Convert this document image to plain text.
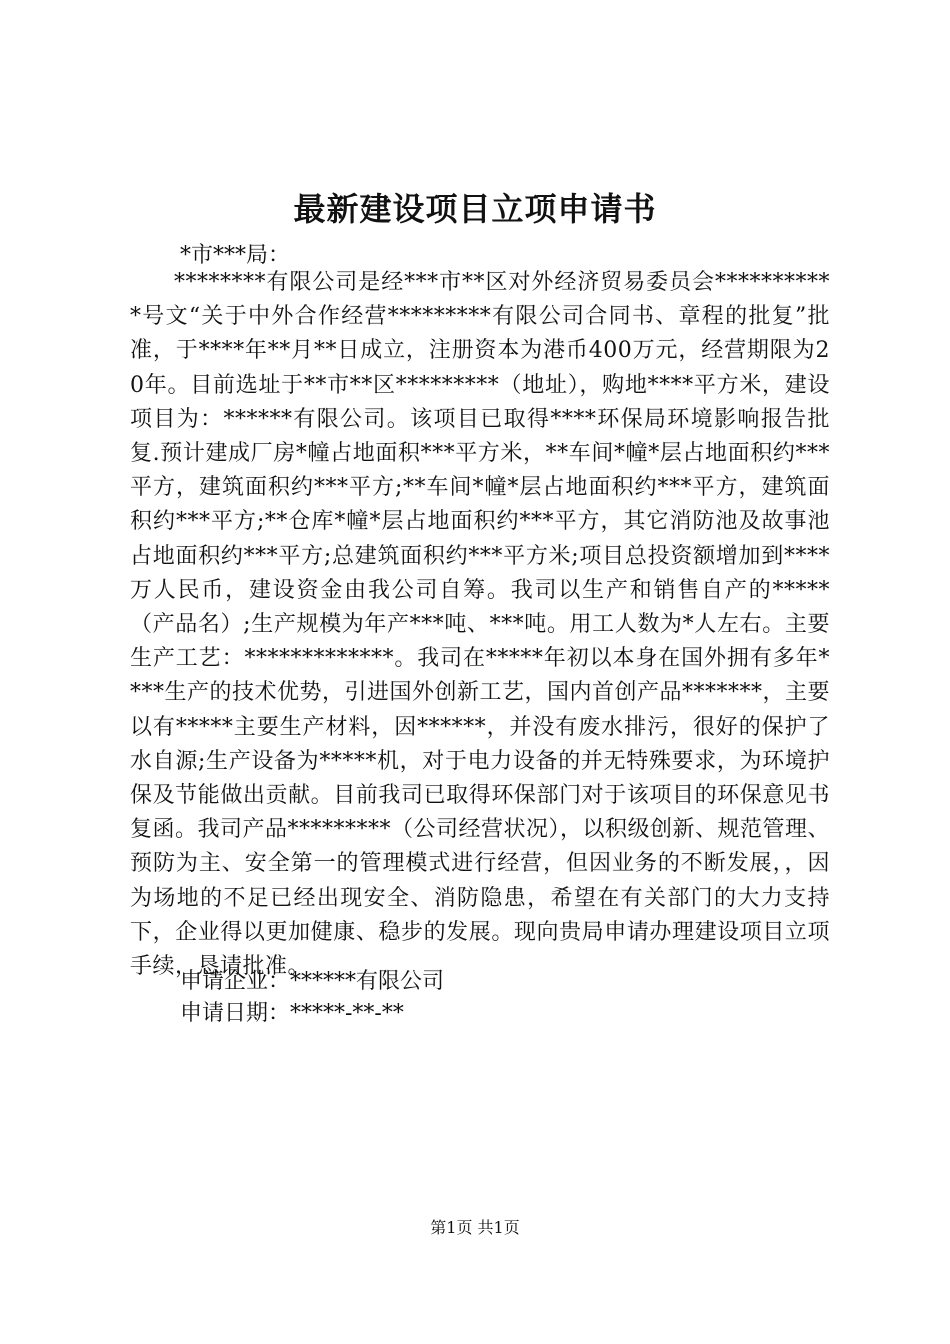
最新建设项目立项申请书
*市***局：
********有限公司是经***市**区对外经济贸易委员会***********号文“关于中外合作经营*********有限公司合同书、章程的批复”批准，于****年**月**日成立，注册资本为港币400万元，经营期限为20年。目前选址于**市**区*********（地址），购地****平方米，建设项目为：******有限公司。该项目已取得****环保局环境影响报告批复.预计建成厂房*幢占地面积***平方米，**车间*幢*层占地面积约***平方，建筑面积约***平方;**车间*幢*层占地面积约***平方，建筑面积约***平方;**仓库*幢*层占地面积约***平方，其它消防池及故事池占地面积约***平方;总建筑面积约***平方米;项目总投资额增加到****万人民币，建设资金由我公司自筹。我司以生产和销售自产的*****（产品名）;生产规模为年产***吨、***吨。用工人数为*人左右。主要生产工艺：*************。我司在*****年初以本身在国外拥有多年****生产的技术优势，引进国外创新工艺，国内首创产品*******，主要以有*****主要生产材料，因******，并没有废水排污，很好的保护了水自源;生产设备为*****机，对于电力设备的并无特殊要求，为环境护保及节能做出贡献。目前我司已取得环保部门对于该项目的环保意见书复函。我司产品*********（公司经营状况），以积级创新、规范管理、预防为主、安全第一的管理模式进行经营，但因业务的不断发展，，因为场地的不足已经出现安全、消防隐患，希望在有关部门的大力支持下，企业得以更加健康、稳步的发展。现向贵局申请办理建设项目立项手续，恳请批准。
申请企业：******有限公司
申请日期：*****-**-**
第1页 共1页
